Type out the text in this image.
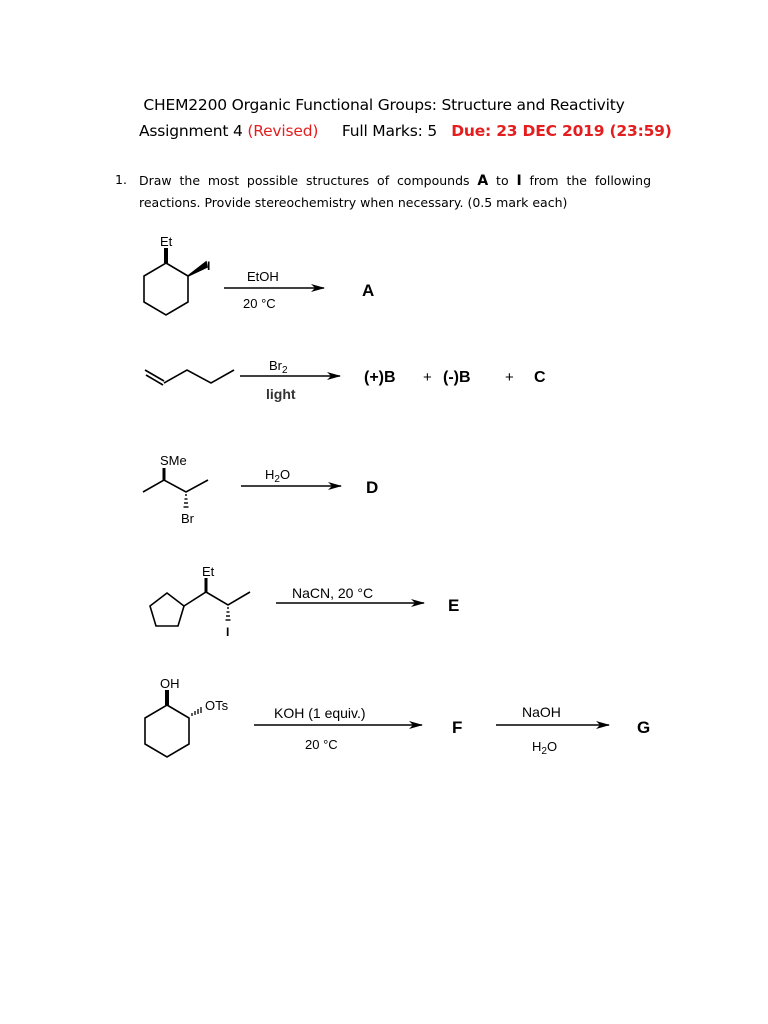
CHEM2200 Organic Functional Groups: Structure and Reactivity
Assignment 4 (Revised) Full Marks: 5 Due: 23 DEC 2019 (23:59)
1. Draw the most possible structures of compounds A to I from the following reactions. Provide stereochemistry when necessary. (0.5 mark each)
Et
I
EtOH
20 °C
A
Br2
light
(+)B + (-)B + C
SMe
Br
H2O
D
Et
I
NaCN, 20 °C
E
OH
OTs	KOH (1 equiv.)
20 °C
F
NaOH
H2O
G
